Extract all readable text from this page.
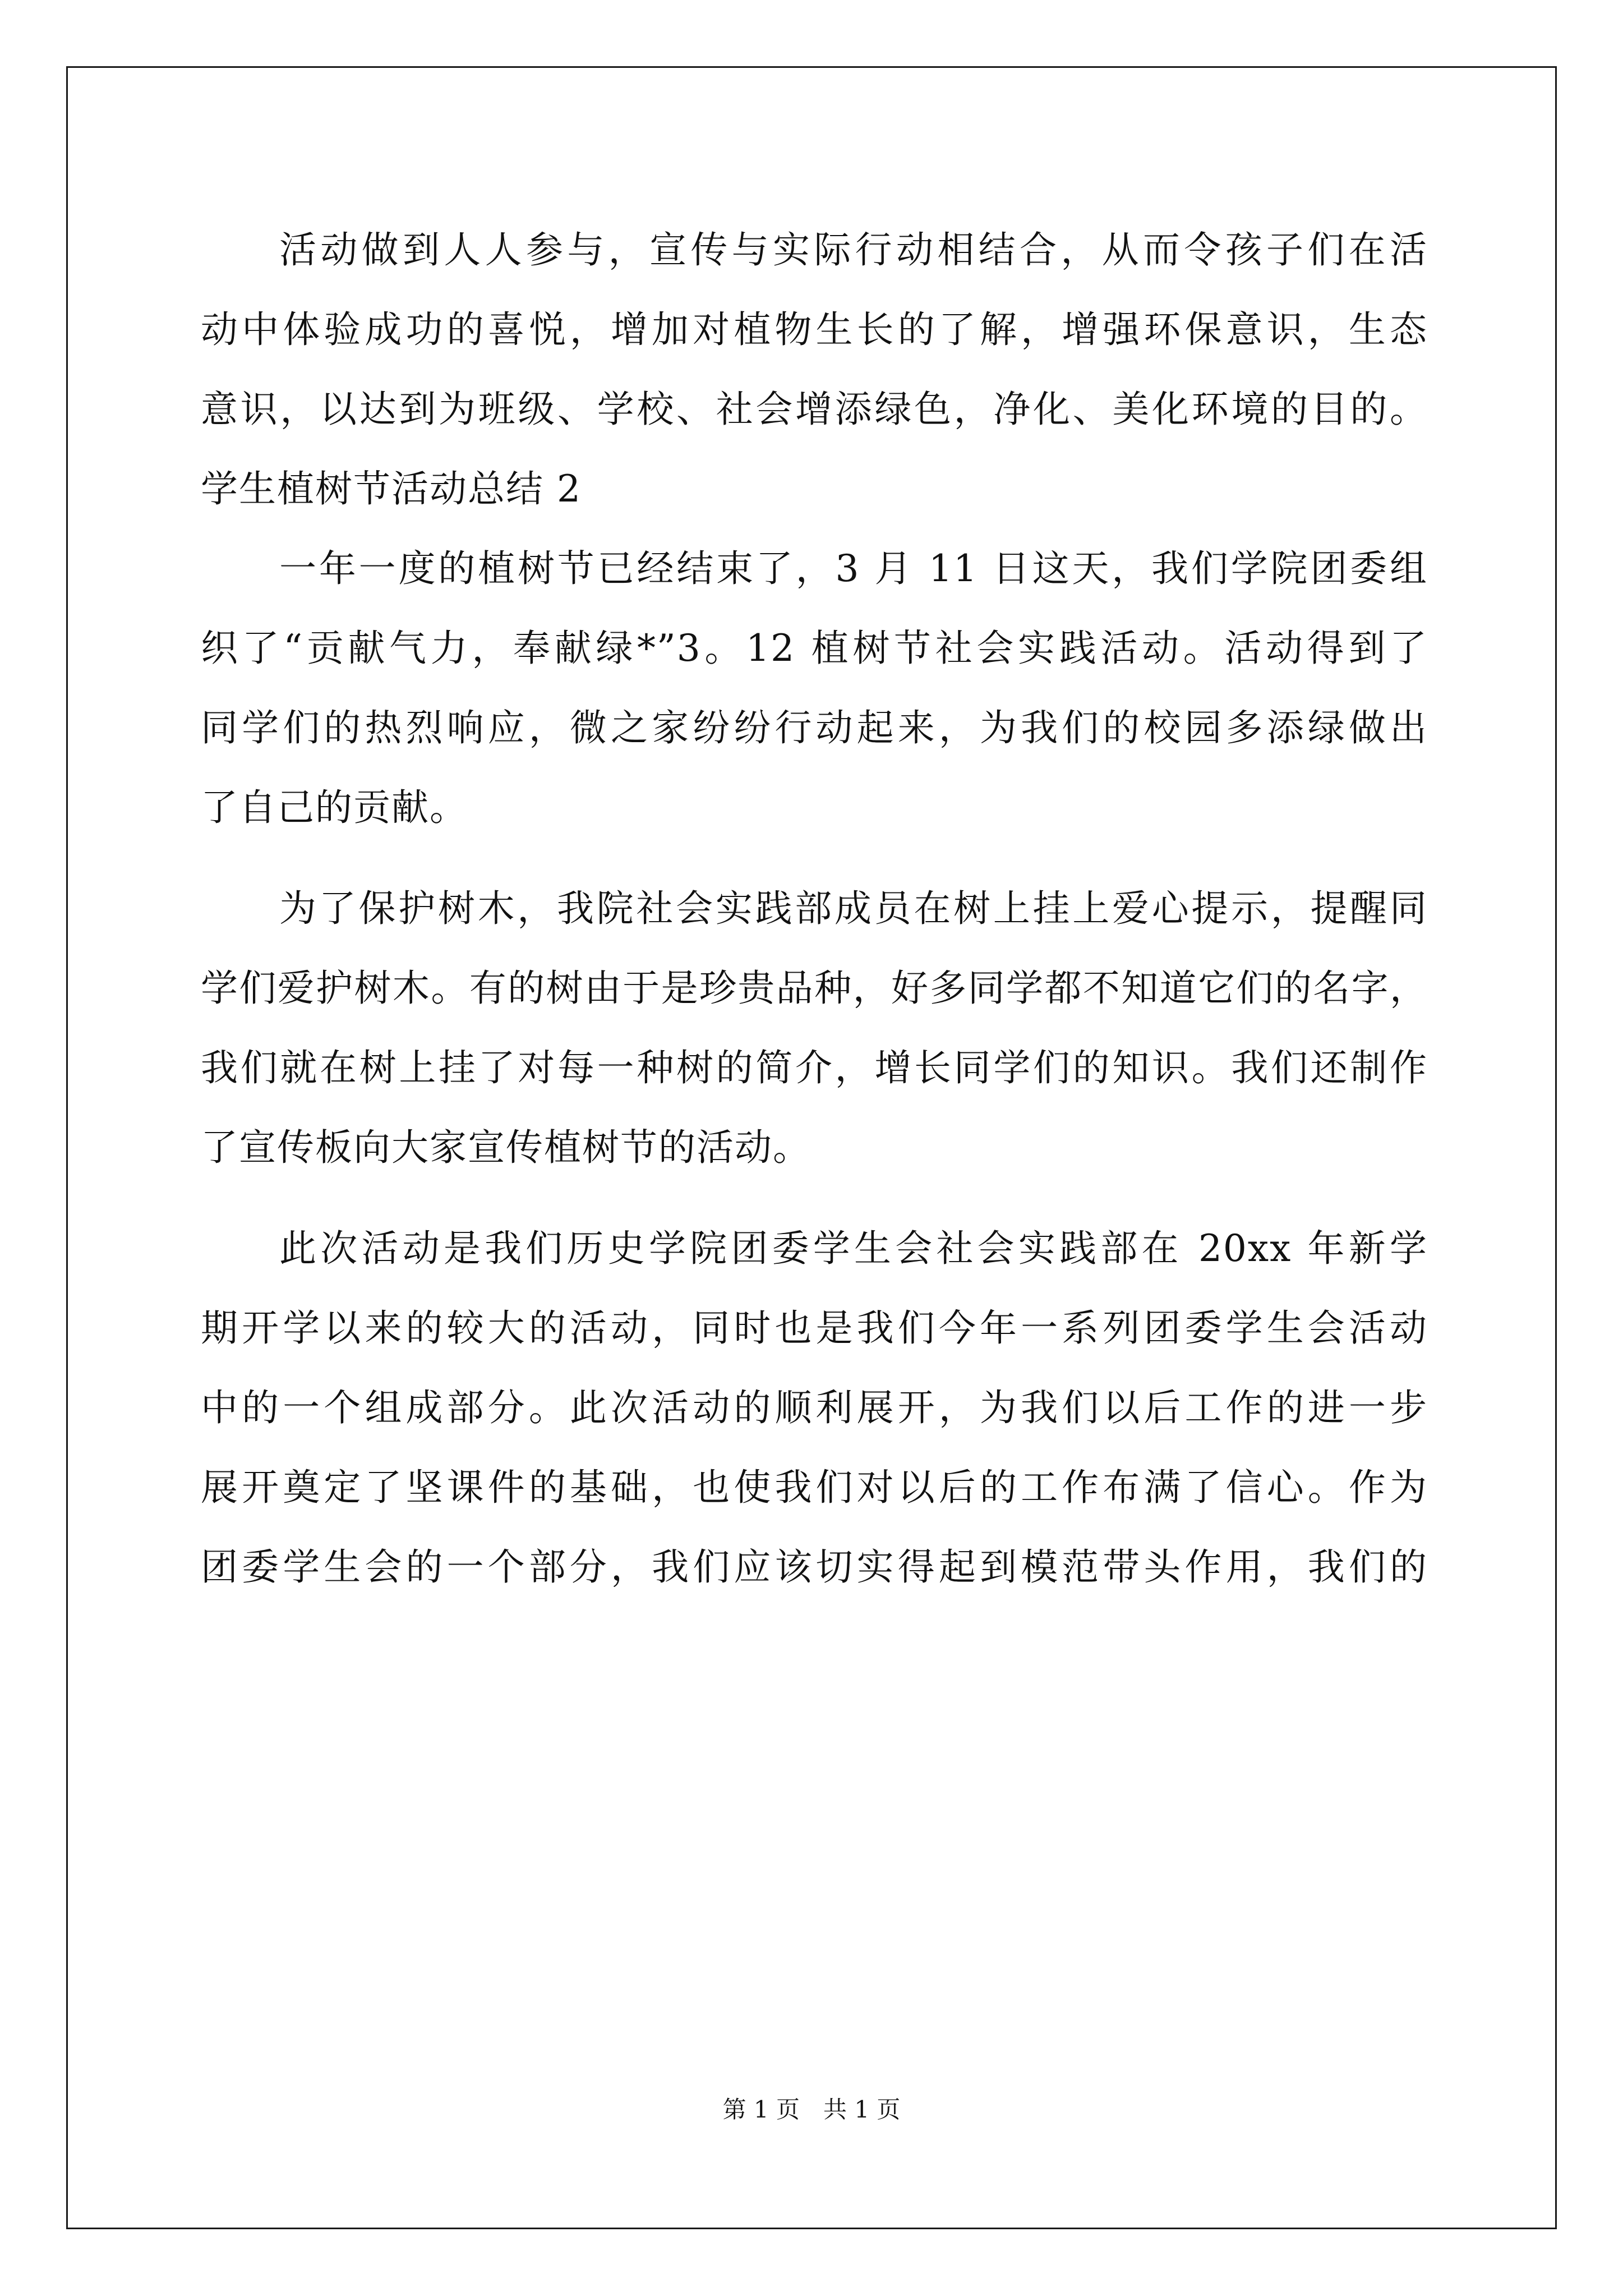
活动做到人人参与，宣传与实际行动相结合，从而令孩子们在活
动中体验成功的喜悦，增加对植物生长的了解，增强环保意识，生态
意识，以达到为班级、学校、社会增添绿色，净化、美化环境的目的。
学生植树节活动总结 2
一年一度的植树节已经结束了，3 月 11 日这天，我们学院团委组
织了“贡献气力，奉献绿*”3。12 植树节社会实践活动。活动得到了
同学们的热烈响应，微之家纷纷行动起来，为我们的校园多添绿做出
了自己的贡献。
为了保护树木，我院社会实践部成员在树上挂上爱心提示，提醒同
学们爱护树木。有的树由于是珍贵品种，好多同学都不知道它们的名字，
我们就在树上挂了对每一种树的简介，增长同学们的知识。我们还制作
了宣传板向大家宣传植树节的活动。
此次活动是我们历史学院团委学生会社会实践部在 20xx 年新学
期开学以来的较大的活动，同时也是我们今年一系列团委学生会活动
中的一个组成部分。此次活动的顺利展开，为我们以后工作的进一步
展开奠定了坚课件的基础，也使我们对以后的工作布满了信心。作为
团委学生会的一个部分，我们应该切实得起到模范带头作用，我们的
第 1 页　共 1 页
